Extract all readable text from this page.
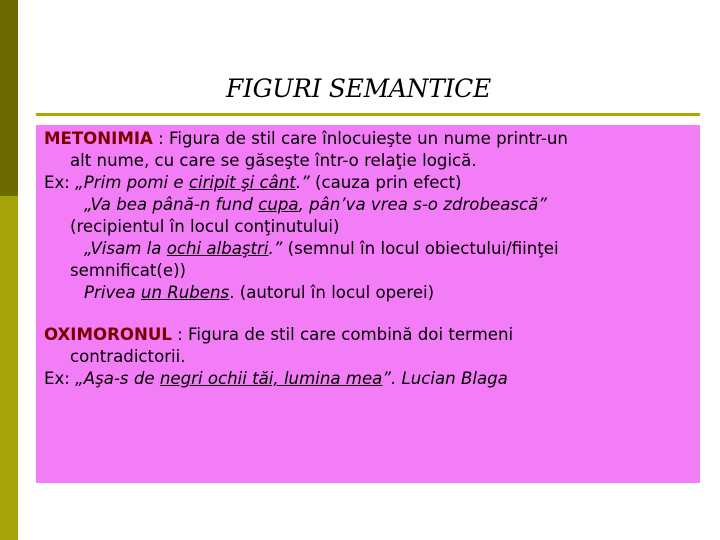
FIGURI SEMANTICE

METONIMIA : Figura de stil care înlocuieşte un nume printr-un
alt nume, cu care se găseşte într-o relaţie logică.

Ex: „Prim pomi e ciripit şi cânt.” (cauza prin efect)

„Va bea până-n fund cupa, pân’va vrea s-o zdrobească”

(recipientul în locul conţinutului)

„Visam la ochi albaştri.” (semnul în locul obiectului/fiinţei

semnificat(e))

Privea un Rubens. (autorul în locul operei)

OXIMORONUL : Figura de stil care combină doi termeni
contradictorii.

Ex: „Aşa-s de negri ochii tăi, lumina mea”. Lucian Blaga
